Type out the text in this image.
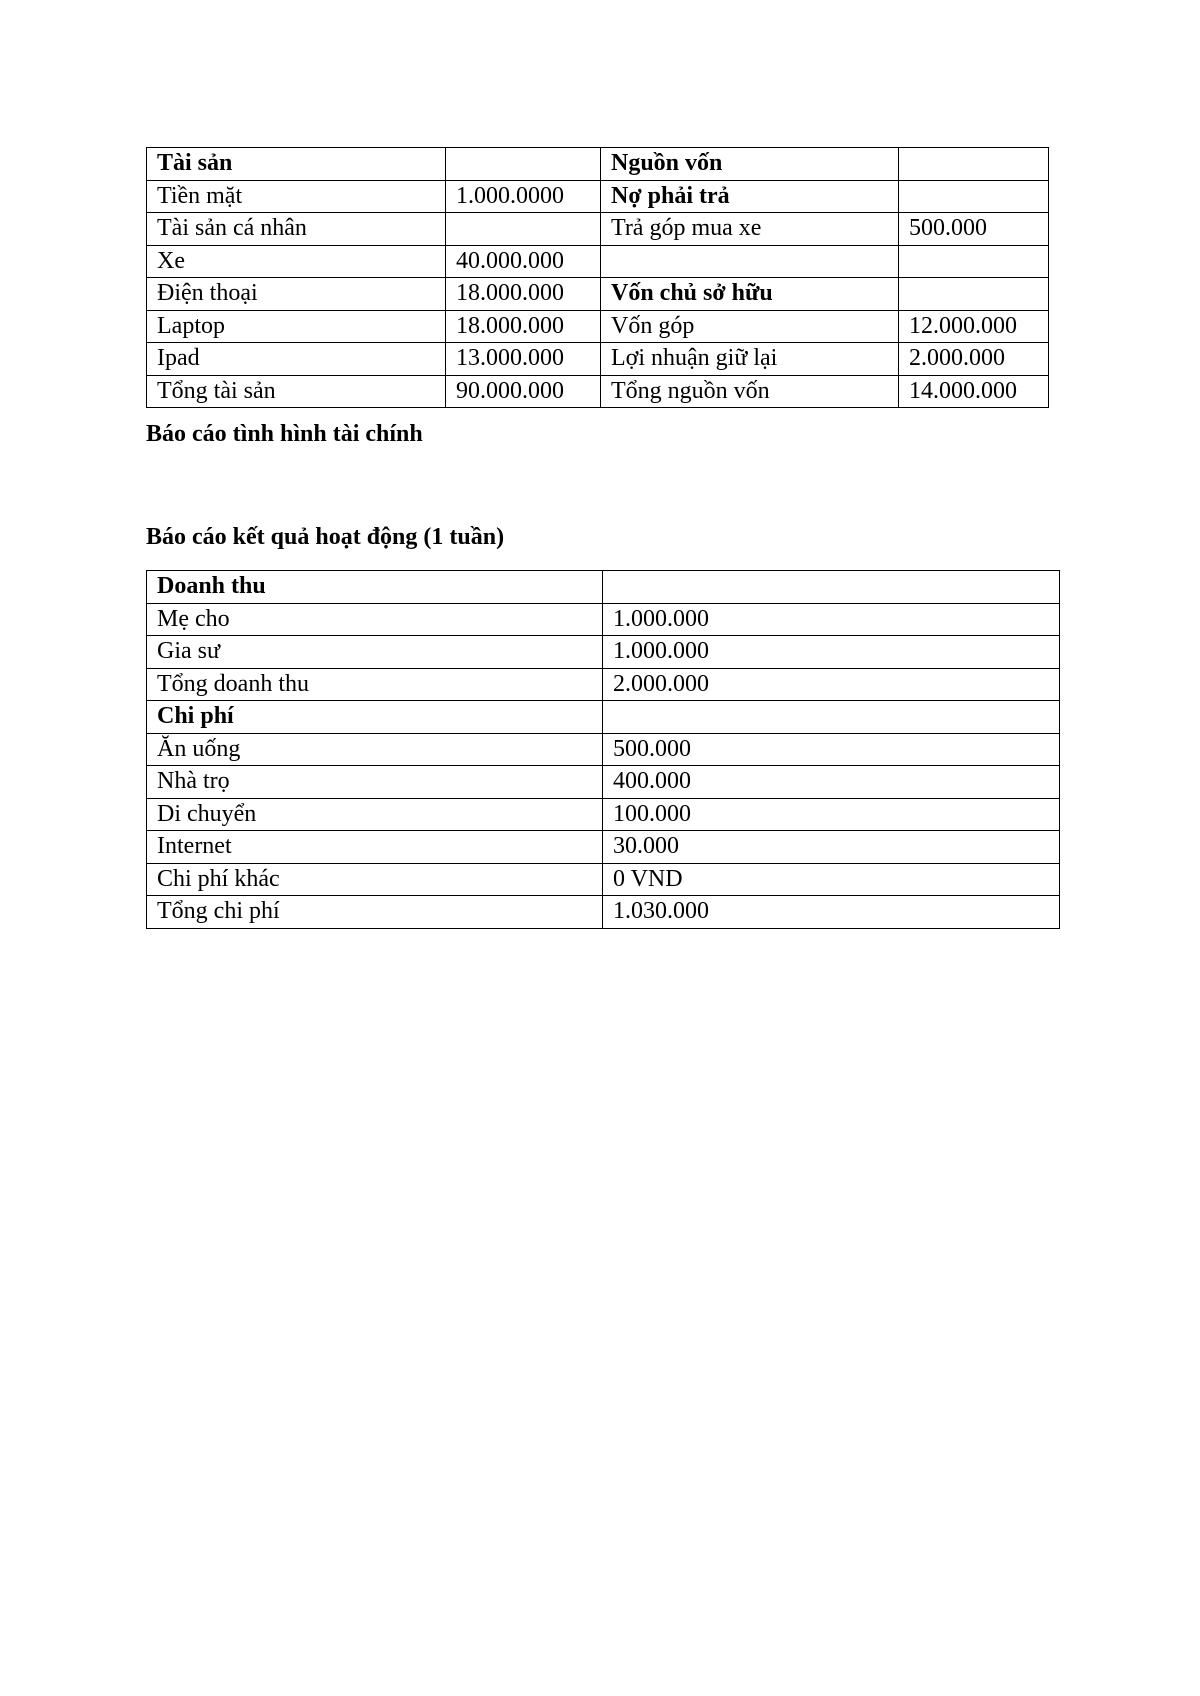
Tài sản		Nguồn vốn	
Tiền mặt	1.000.0000	Nợ phải trả	
Tài sản cá nhân		Trả góp mua xe	500.000
Xe	40.000.000		
Điện thoại	18.000.000	Vốn chủ sở hữu	
Laptop	18.000.000	Vốn góp	12.000.000
Ipad	13.000.000	Lợi nhuận giữ lại	2.000.000
Tổng tài sản	90.000.000	Tổng nguồn vốn	14.000.000
Báo cáo tình hình tài chính
Báo cáo kết quả hoạt động (1 tuần)
Doanh thu	
Mẹ cho	1.000.000
Gia sư	1.000.000
Tổng doanh thu	2.000.000
Chi phí	
Ăn uống	500.000
Nhà trọ	400.000
Di chuyển	100.000
Internet	30.000
Chi phí khác	0 VND
Tổng chi phí	1.030.000
